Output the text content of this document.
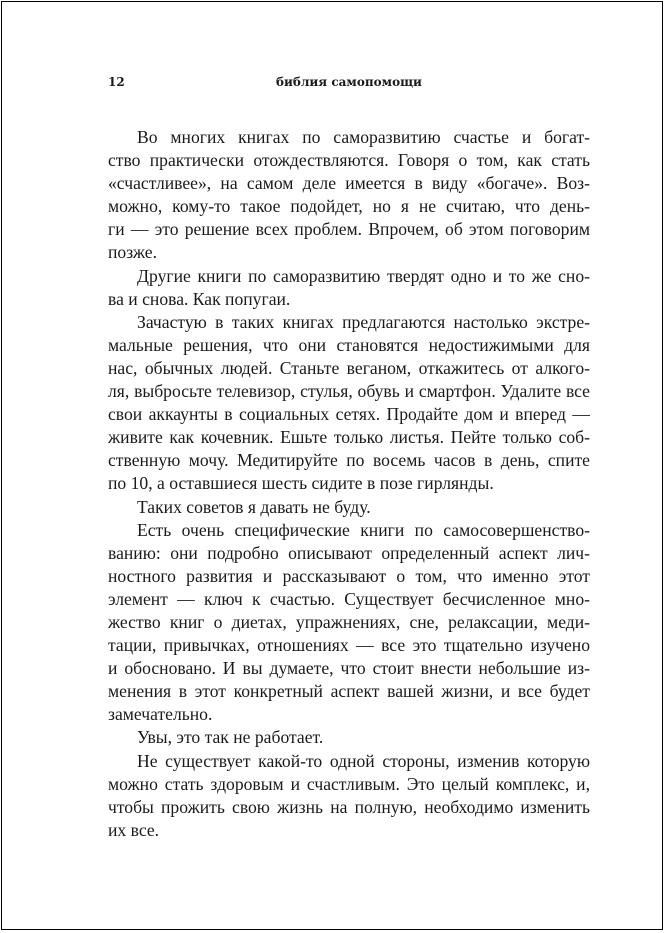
12	библия самопомощи

Во многих книгах по саморазвитию счастье и богат-
ство практически отождествляются. Говоря о том, как стать
«счастливее», на самом деле имеется в виду «богаче». Воз-
можно, кому-то такое подойдет, но я не считаю, что день-
ги — это решение всех проблем. Впрочем, об этом поговорим
позже.

Другие книги по саморазвитию твердят одно и то же сно-
ва и снова. Как попугаи.

Зачастую в таких книгах предлагаются настолько экстре-
мальные решения, что они становятся недостижимыми для
нас, обычных людей. Станьте веганом, откажитесь от алкого-
ля, выбросьте телевизор, стулья, обувь и смартфон. Удалите все
свои аккаунты в социальных сетях. Продайте дом и вперед —
живите как кочевник. Ешьте только листья. Пейте только соб-
ственную мочу. Медитируйте по восемь часов в день, спите
по 10, а оставшиеся шесть сидите в позе гирлянды.

Таких советов я давать не буду.

Есть очень специфические книги по самосовершенство-
ванию: они подробно описывают определенный аспект лич-
ностного развития и рассказывают о том, что именно этот
элемент — ключ к счастью. Существует бесчисленное мно-
жество книг о диетах, упражнениях, сне, релаксации, меди-
тации, привычках, отношениях — все это тщательно изучено
и обосновано. И вы думаете, что стоит внести небольшие из-
менения в этот конкретный аспект вашей жизни, и все будет
замечательно.

Увы, это так не работает.

Не существует какой-то одной стороны, изменив которую
можно стать здоровым и счастливым. Это целый комплекс, и,
чтобы прожить свою жизнь на полную, необходимо изменить
их все.
